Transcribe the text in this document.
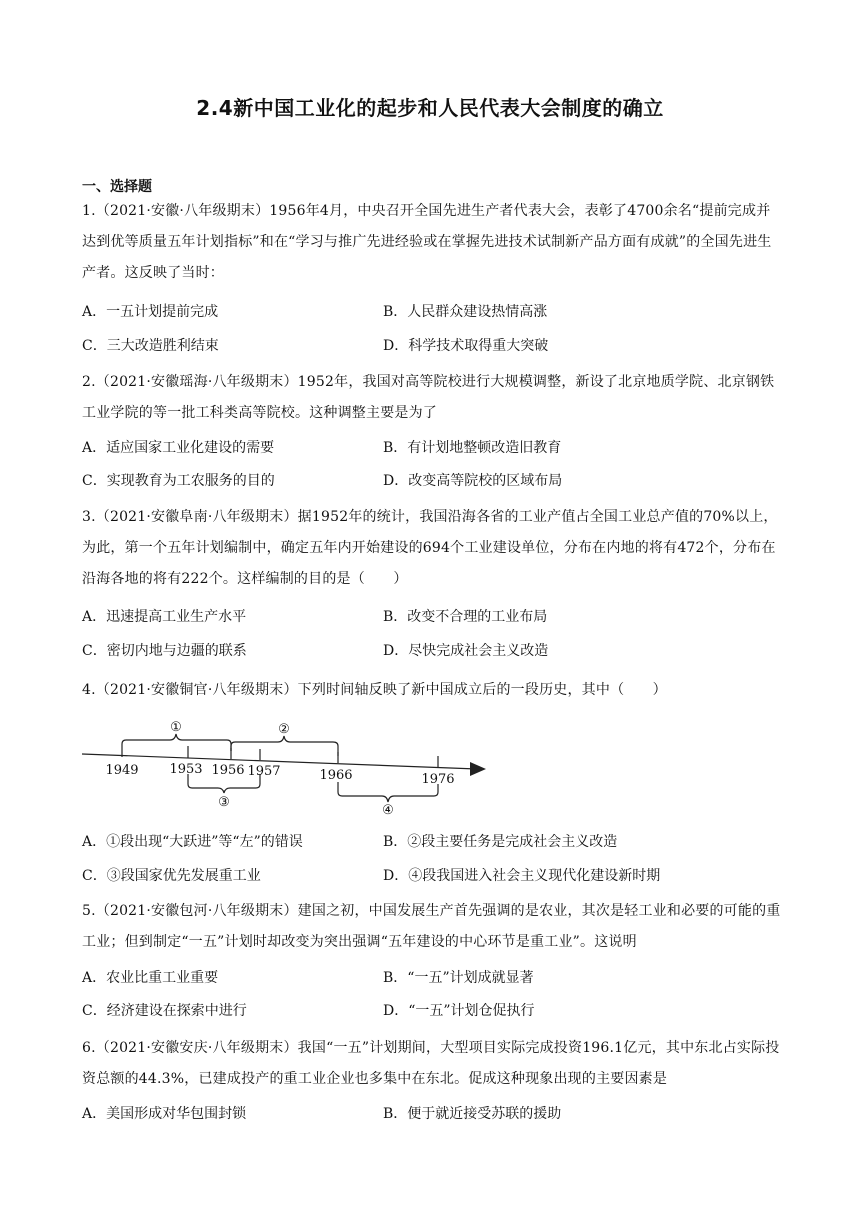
2.4新中国工业化的起步和人民代表大会制度的确立
一、选择题
1.（2021·安徽·八年级期末）1956年4月，中央召开全国先进生产者代表大会，表彰了4700余名“提前完成并达到优等质量五年计划指标”和在“学习与推广先进经验或在掌握先进技术试制新产品方面有成就”的全国先进生产者。这反映了当时：
A．一五计划提前完成	B．人民群众建设热情高涨
C．三大改造胜利结束	D．科学技术取得重大突破
2.（2021·安徽瑶海·八年级期末）1952年，我国对高等院校进行大规模调整，新设了北京地质学院、北京钢铁工业学院的等一批工科类高等院校。这种调整主要是为了
A．适应国家工业化建设的需要	B．有计划地整顿改造旧教育
C．实现教育为工农服务的目的	D．改变高等院校的区域布局
3.（2021·安徽阜南·八年级期末）据1952年的统计，我国沿海各省的工业产值占全国工业总产值的70%以上，为此，第一个五年计划编制中，确定五年内开始建设的694个工业建设单位，分布在内地的将有472个，分布在沿海各地的将有222个。这样编制的目的是（　　）
A．迅速提高工业生产水平	B．改变不合理的工业布局
C．密切内地与边疆的联系	D．尽快完成社会主义改造
4.（2021·安徽铜官·八年级期末）下列时间轴反映了新中国成立后的一段历史，其中（　　）
①	②
③
④
1949 1953 1956 1957	1966	1976
A．①段出现“大跃进”等“左”的错误	B．②段主要任务是完成社会主义改造
C．③段国家优先发展重工业	D．④段我国进入社会主义现代化建设新时期
5.（2021·安徽包河·八年级期末）建国之初，中国发展生产首先强调的是农业，其次是轻工业和必要的可能的重工业；但到制定“一五”计划时却改变为突出强调“五年建设的中心环节是重工业”。这说明
A．农业比重工业重要	B．“一五”计划成就显著
C．经济建设在探索中进行	D．“一五”计划仓促执行
6.（2021·安徽安庆·八年级期末）我国“一五”计划期间，大型项目实际完成投资196.1亿元，其中东北占实际投资总额的44.3%，已建成投产的重工业企业也多集中在东北。促成这种现象出现的主要因素是
A．美国形成对华包围封锁	B．便于就近接受苏联的援助
